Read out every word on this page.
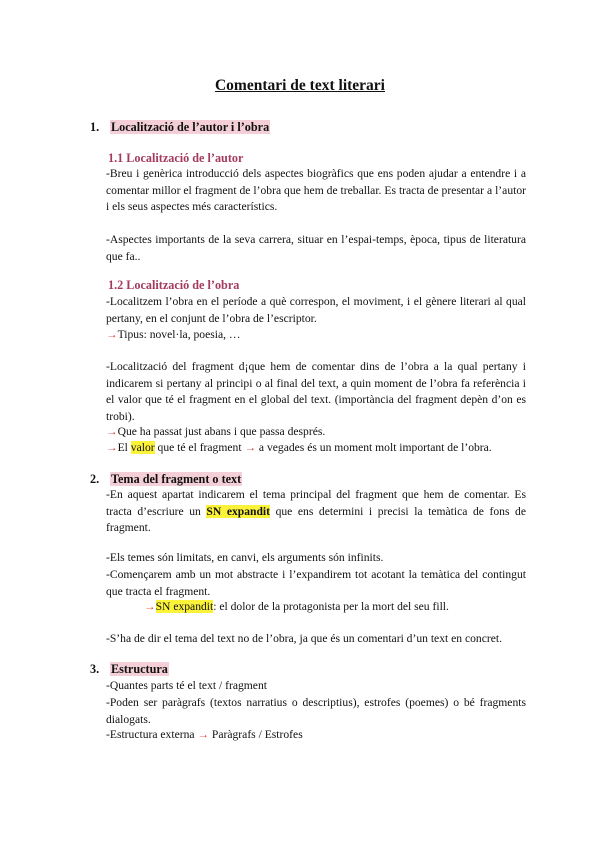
Comentari de text literari
1. Localització de l’autor i l’obra
1.1 Localització de l’autor
-Breu i genèrica introducció dels aspectes biogràfics que ens poden ajudar a entendre i a comentar millor el fragment de l’obra que hem de treballar. Es tracta de presentar a l’autor i els seus aspectes més característics.
-Aspectes importants de la seva carrera, situar en l’espai-temps, època, tipus de literatura que fa..
1.2 Localització de l’obra
-Localitzem l’obra en el període a què correspon, el moviment, i el gènere literari al qual pertany, en el conjunt de l’obra de l’escriptor.
→Tipus: novel·la, poesia, …
-Localització del fragment d¡que hem de comentar dins de l’obra a la qual pertany i indicarem si pertany al principi o al final del text, a quin moment de l’obra fa referència i el valor que té el fragment en el global del text. (importància del fragment depèn d’on es trobi).
→Que ha passat just abans i que passa després.
→El valor que té el fragment → a vegades és un moment molt important de l’obra.
2. Tema del fragment o text
-En aquest apartat indicarem el tema principal del fragment que hem de comentar. Es tracta d’escriure un SN expandit que ens determini i precisi la temàtica de fons de fragment.
-Els temes són limitats, en canvi, els arguments són infinits.
-Començarem amb un mot abstracte i l’expandirem tot acotant la temàtica del contingut que tracta el fragment.
→SN expandit: el dolor de la protagonista per la mort del seu fill.
-S’ha de dir el tema del text no de l’obra, ja que és un comentari d’un text en concret.
3. Estructura
-Quantes parts té el text / fragment
-Poden ser paràgrafs (textos narratius o descriptius), estrofes (poemes) o bé fragments dialogats.
-Estructura externa → Paràgrafs / Estrofes
